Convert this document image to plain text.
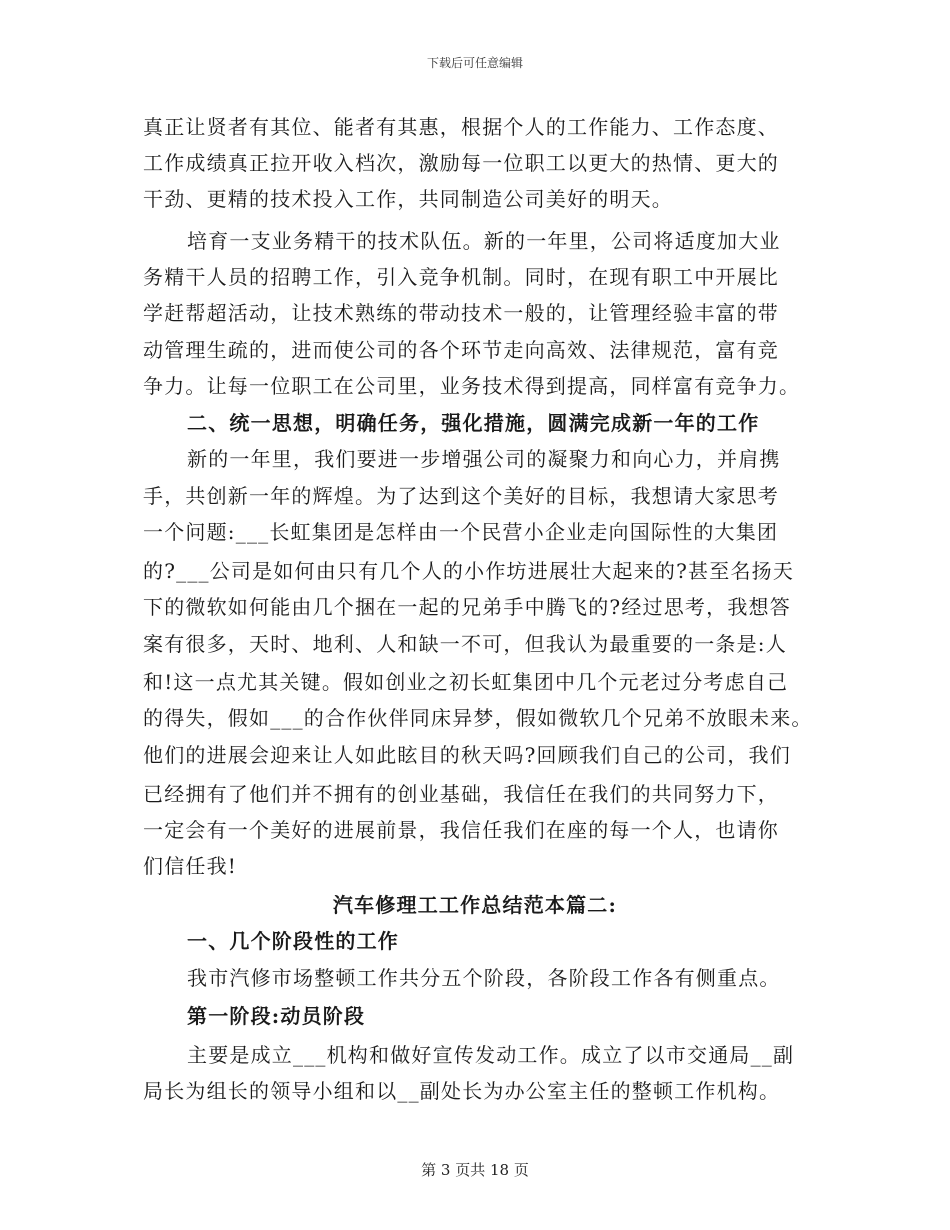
下载后可任意编辑
真正让贤者有其位、能者有其惠，根据个人的工作能力、工作态度、
工作成绩真正拉开收入档次，激励每一位职工以更大的热情、更大的
干劲、更精的技术投入工作，共同制造公司美好的明天。
培育一支业务精干的技术队伍。新的一年里，公司将适度加大业
务精干人员的招聘工作，引入竞争机制。同时，在现有职工中开展比
学赶帮超活动，让技术熟练的带动技术一般的，让管理经验丰富的带
动管理生疏的，进而使公司的各个环节走向高效、法律规范，富有竞
争力。让每一位职工在公司里，业务技术得到提高，同样富有竞争力。
二、统一思想，明确任务，强化措施，圆满完成新一年的工作
新的一年里，我们要进一步增强公司的凝聚力和向心力，并肩携
手，共创新一年的辉煌。为了达到这个美好的目标，我想请大家思考
一个问题:___长虹集团是怎样由一个民营小企业走向国际性的大集团
的?___公司是如何由只有几个人的小作坊进展壮大起来的?甚至名扬天
下的微软如何能由几个捆在一起的兄弟手中腾飞的?经过思考，我想答
案有很多，天时、地利、人和缺一不可，但我认为最重要的一条是:人
和!这一点尤其关键。假如创业之初长虹集团中几个元老过分考虑自己
的得失，假如___的合作伙伴同床异梦，假如微软几个兄弟不放眼未来。
他们的进展会迎来让人如此眩目的秋天吗?回顾我们自己的公司，我们
已经拥有了他们并不拥有的创业基础，我信任在我们的共同努力下，
一定会有一个美好的进展前景，我信任我们在座的每一个人，也请你
们信任我!
汽车修理工工作总结范本篇二:
一、几个阶段性的工作
我市汽修市场整顿工作共分五个阶段，各阶段工作各有侧重点。
第一阶段:动员阶段
主要是成立___机构和做好宣传发动工作。成立了以市交通局__副
局长为组长的领导小组和以__副处长为办公室主任的整顿工作机构。
第 3 页共 18 页
